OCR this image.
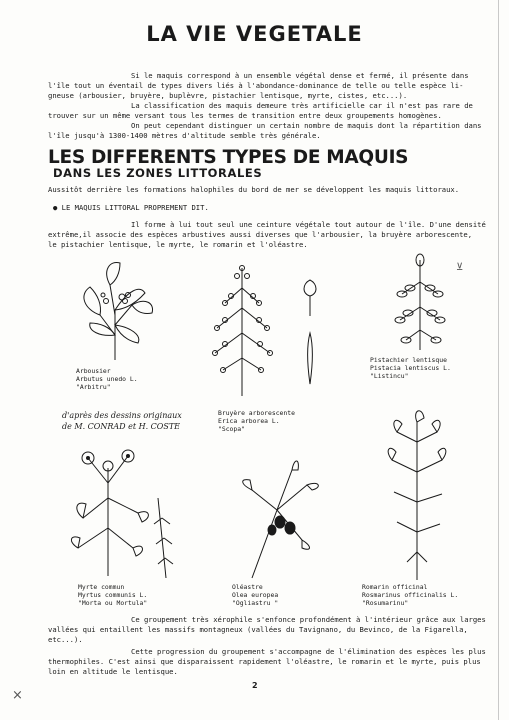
LA VIE VEGETALE
Si le maquis correspond à un ensemble végétal dense et fermé, il présente dans
l'île tout un éventail de types divers liés à l'abondance-dominance de telle ou telle espèce li-
gneuse (arbousier, bruyère, buplèvre, pistachier lentisque, myrte, cistes, etc...).
La classification des maquis demeure très artificielle car il n'est pas rare de
trouver sur un même versant tous les termes de transition entre deux groupements homogènes.
On peut cependant distinguer un certain nombre de maquis dont la répartition dans
l'île jusqu'à 1300-1400 mètres d'altitude semble très générale.
LES DIFFERENTS TYPES DE MAQUIS
DANS LES ZONES LITTORALES
Aussitôt derrière les formations halophiles du bord de mer se développent les maquis littoraux.
● LE MAQUIS LITTORAL PROPREMENT DIT.
Il forme à lui tout seul une ceinture végétale tout autour de l'île. D'une densité
extrême,il associe des espèces arbustives aussi diverses que l'arbousier, la bruyère arborescente,
le pistachier lentisque, le myrte, le romarin et l'oléastre.
⊻
Arbousier
Arbutus unedo L.
"Arbitru"
Pistachier lentisque
Pistacia lentiscus L.
"Listincu"
d'après des dessins originaux
de M. CONRAD et H. COSTE
Bruyère arborescente
Erica arborea L.
"Scopa"
Myrte commun
Myrtus communis L.
"Morta ou Mortula"
Oléastre
Olea europea
"Ogliastru "
Romarin officinal
Rosmarinus officinalis L.
"Rosumarinu"
Ce groupement très xérophile s'enfonce profondément à l'intérieur grâce aux larges
vallées qui entaillent les massifs montagneux (vallées du Tavignano, du Bevinco, de la Figarella,
etc...).
Cette progression du groupement s'accompagne de l'élimination des espèces les plus
thermophiles. C'est ainsi que disparaissent rapidement l'oléastre, le romarin et le myrte, puis plus
loin en altitude le lentisque.
2
×
